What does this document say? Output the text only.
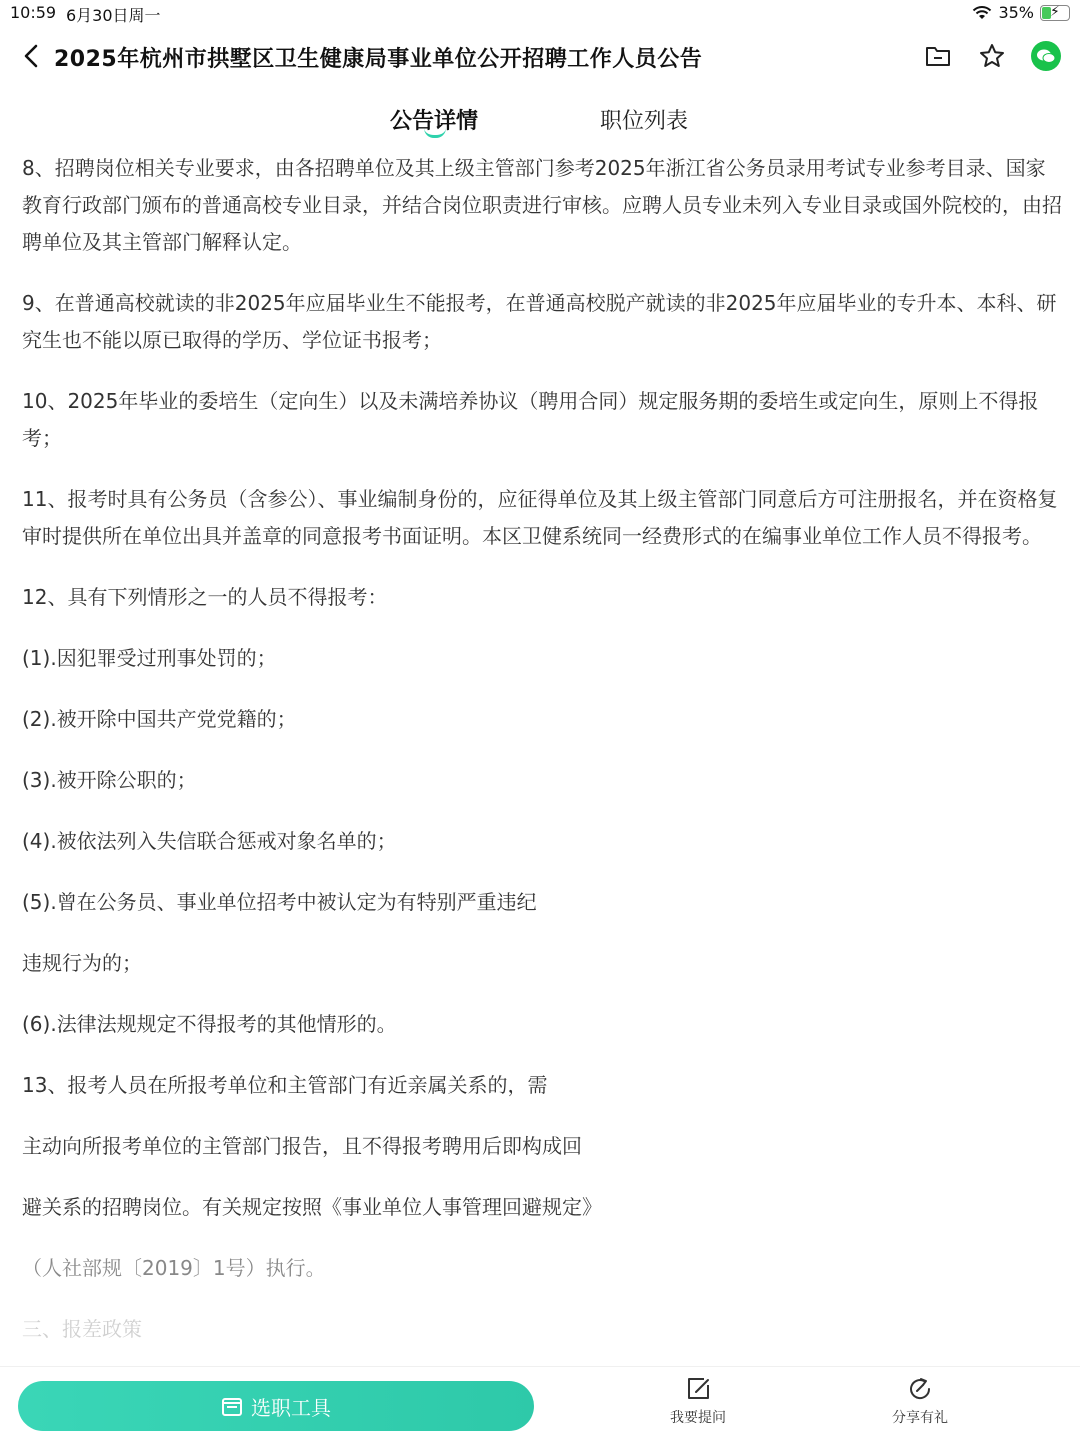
10:59 6月30日周一	35% ⚡
2025年杭州市拱墅区卫生健康局事业单位公开招聘工作人员公告
公告详情	职位列表

8、招聘岗位相关专业要求，由各招聘单位及其上级主管部门参考2025年浙江省公务员录用考试专业参考目录、国家教育行政部门颁布的普通高校专业目录，并结合岗位职责进行审核。应聘人员专业未列入专业目录或国外院校的，由招聘单位及其主管部门解释认定。

9、在普通高校就读的非2025年应届毕业生不能报考，在普通高校脱产就读的非2025年应届毕业的专升本、本科、研究生也不能以原已取得的学历、学位证书报考；

10、2025年毕业的委培生（定向生）以及未满培养协议（聘用合同）规定服务期的委培生或定向生，原则上不得报考；

11、报考时具有公务员（含参公）、事业编制身份的，应征得单位及其上级主管部门同意后方可注册报名，并在资格复审时提供所在单位出具并盖章的同意报考书面证明。本区卫健系统同一经费形式的在编事业单位工作人员不得报考。

12、具有下列情形之一的人员不得报考：

(1).因犯罪受过刑事处罚的；

(2).被开除中国共产党党籍的；

(3).被开除公职的；

(4).被依法列入失信联合惩戒对象名单的；

(5).曾在公务员、事业单位招考中被认定为有特别严重违纪

违规行为的；

(6).法律法规规定不得报考的其他情形的。

13、报考人员在所报考单位和主管部门有近亲属关系的，需

主动向所报考单位的主管部门报告，且不得报考聘用后即构成回

避关系的招聘岗位。有关规定按照《事业单位人事管理回避规定》

（人社部规〔2019〕1号）执行。

三、报差政策

选职工具	我要提问	分享有礼
